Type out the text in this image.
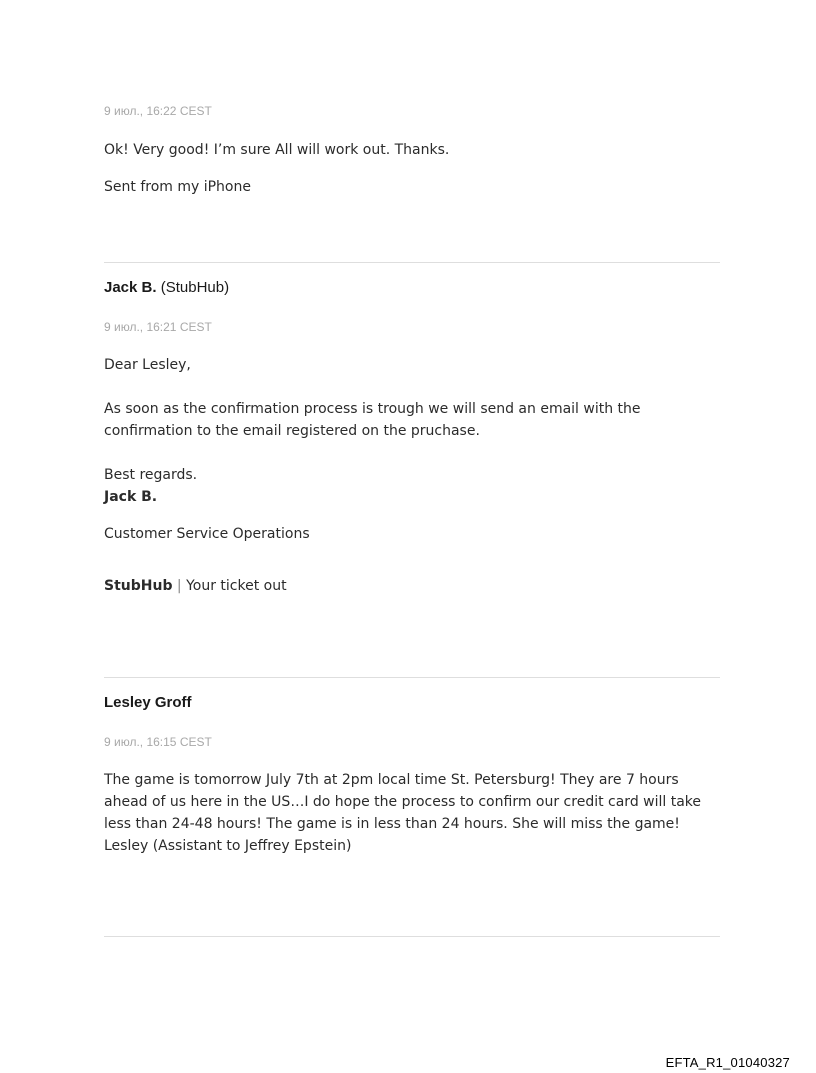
9 июл., 16:22 CEST

Ok! Very good! I’m sure All will work out. Thanks.

Sent from my iPhone

Jack B. (StubHub)

9 июл., 16:21 CEST

Dear Lesley,

As soon as the confirmation process is trough we will send an email with the confirmation to the email registered on the pruchase.

Best regards.

Jack B.

Customer Service Operations

StubHub | Your ticket out

Lesley Groff

9 июл., 16:15 CEST

The game is tomorrow July 7th at 2pm local time St. Petersburg! They are 7 hours ahead of us here in the US…I do hope the process to confirm our credit card will take less than 24-48 hours! The game is in less than 24 hours. She will miss the game! Lesley (Assistant to Jeffrey Epstein)

EFTA_R1_01040327
